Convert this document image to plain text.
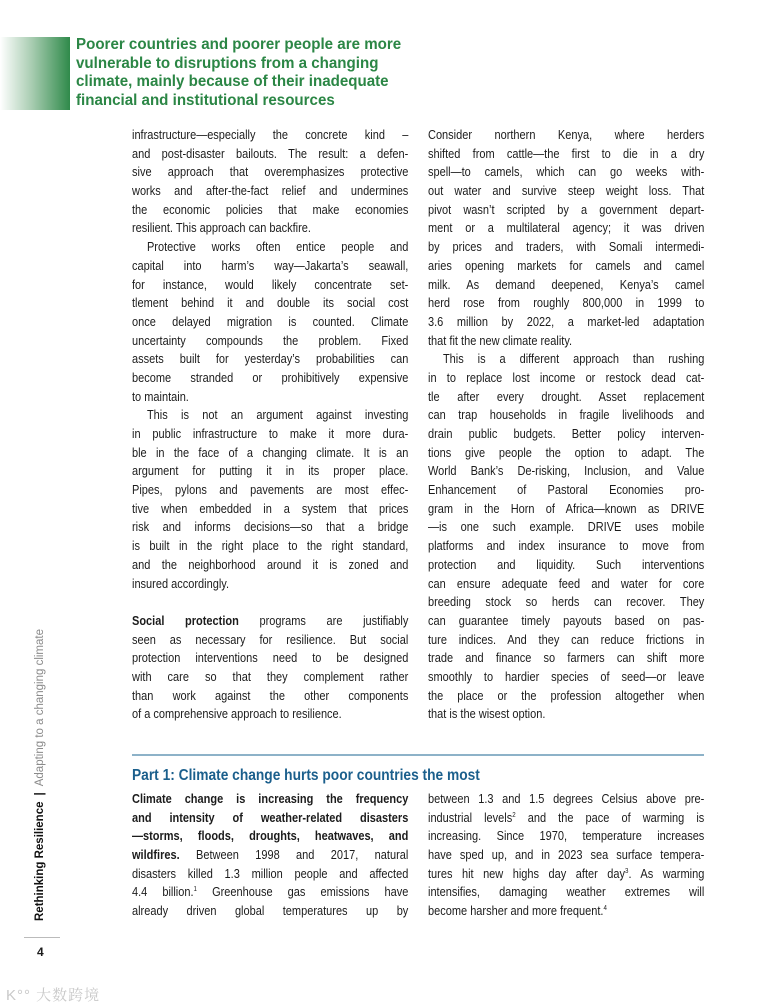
Poorer countries and poorer people are more
vulnerable to disruptions from a changing
climate, mainly because of their inadequate
financial and institutional resources
infrastructure—especially the concrete kind –
and post-disaster bailouts. The result: a defen-
sive approach that overemphasizes protective
works and after-the-fact relief and undermines
the economic policies that make economies
resilient. This approach can backfire.
Protective works often entice people and
capital into harm’s way—Jakarta’s seawall,
for instance, would likely concentrate set-
tlement behind it and double its social cost
once delayed migration is counted. Climate
uncertainty compounds the problem. Fixed
assets built for yesterday’s probabilities can
become stranded or prohibitively expensive
to maintain.
This is not an argument against investing
in public infrastructure to make it more dura-
ble in the face of a changing climate. It is an
argument for putting it in its proper place.
Pipes, pylons and pavements are most effec-
tive when embedded in a system that prices
risk and informs decisions—so that a bridge
is built in the right place to the right standard,
and the neighborhood around it is zoned and
insured accordingly.
Social protection programs are justifiably
seen as necessary for resilience. But social
protection interventions need to be designed
with care so that they complement rather
than work against the other components
of a comprehensive approach to resilience.
Consider northern Kenya, where herders
shifted from cattle—the first to die in a dry
spell—to camels, which can go weeks with-
out water and survive steep weight loss. That
pivot wasn’t scripted by a government depart-
ment or a multilateral agency; it was driven
by prices and traders, with Somali intermedi-
aries opening markets for camels and camel
milk. As demand deepened, Kenya’s camel
herd rose from roughly 800,000 in 1999 to
3.6 million by 2022, a market-led adaptation
that fit the new climate reality.
This is a different approach than rushing
in to replace lost income or restock dead cat-
tle after every drought. Asset replacement
can trap households in fragile livelihoods and
drain public budgets. Better policy interven-
tions give people the option to adapt. The
World Bank’s De-risking, Inclusion, and Value
Enhancement of Pastoral Economies pro-
gram in the Horn of Africa—known as DRIVE
—is one such example. DRIVE uses mobile
platforms and index insurance to move from
protection and liquidity. Such interventions
can ensure adequate feed and water for core
breeding stock so herds can recover. They
can guarantee timely payouts based on pas-
ture indices. And they can reduce frictions in
trade and finance so farmers can shift more
smoothly to hardier species of seed—or leave
the place or the profession altogether when
that is the wisest option.
Part 1: Climate change hurts poor countries the most
Climate change is increasing the frequency
and intensity of weather-related disasters
—storms, floods, droughts, heatwaves, and
wildfires. Between 1998 and 2017, natural
disasters killed 1.3 million people and affected
4.4 billion.$^1$ Greenhouse gas emissions have
already driven global temperatures up by
between 1.3 and 1.5 degrees Celsius above pre-
industrial levels$^2$ and the pace of warming is
increasing. Since 1970, temperature increases
have sped up, and in 2023 sea surface tempera-
tures hit new highs day after day$^3$. As warming
intensifies, damaging weather extremes will
become harsher and more frequent.$^4$
Rethinking Resilience|Adapting to a changing climate
4
K°° 大数跨境
